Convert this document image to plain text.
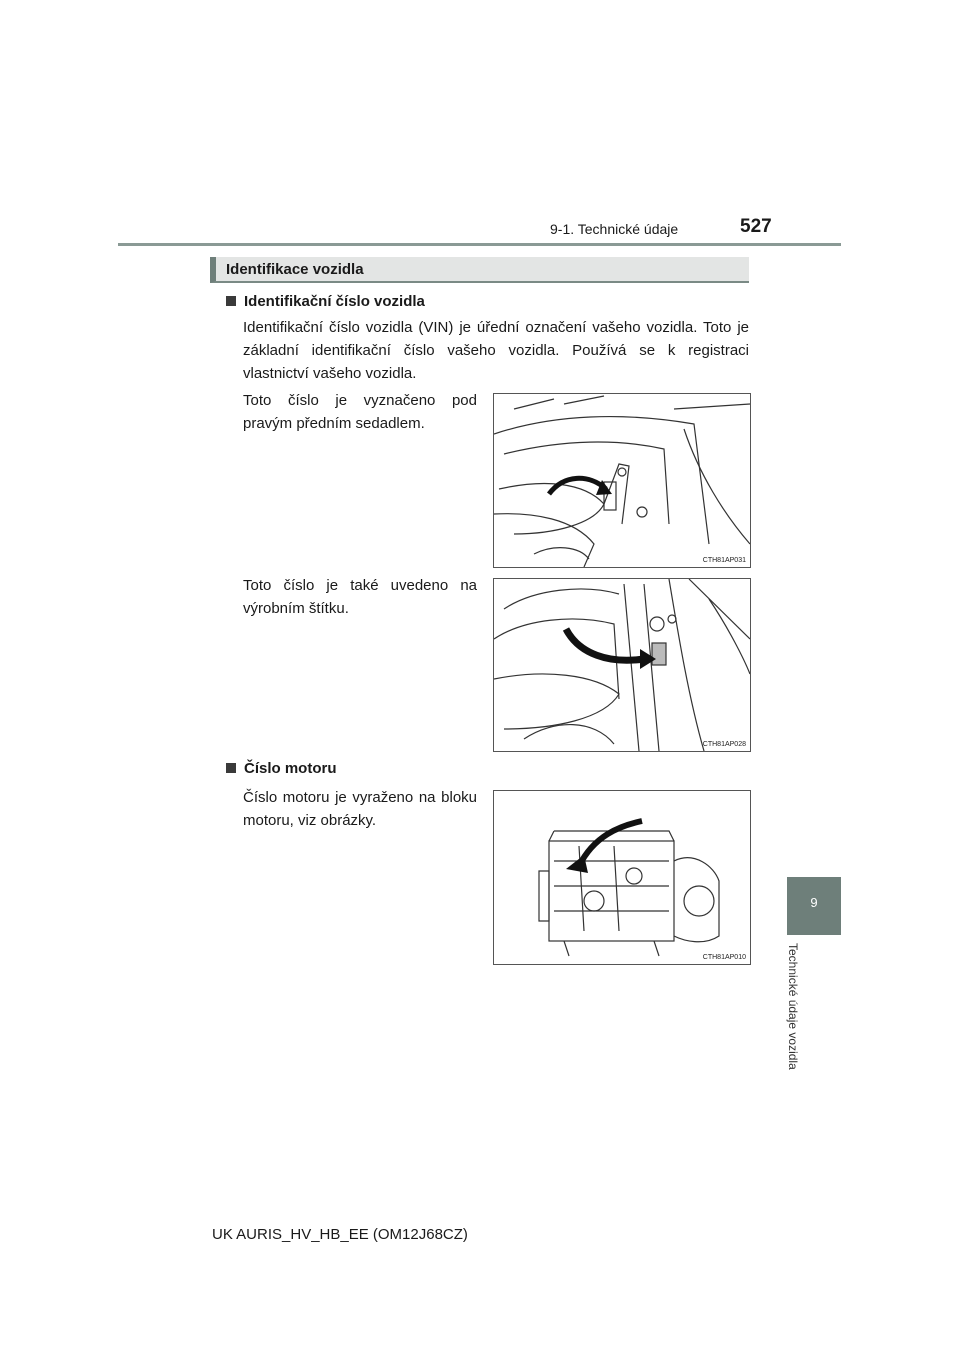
9-1. Technické údaje	527
9
Technické údaje vozidla
Identifikace vozidla
Identifikační číslo vozidla
Identifikační číslo vozidla (VIN) je úřední označení vašeho vozidla. Toto je základní identifikační číslo vašeho vozidla. Používá se k registraci vlastnictví vašeho vozidla.
Toto číslo je vyznačeno pod pravým předním sedadlem.
CTH81AP031
Toto číslo je také uvedeno na výrobním štítku.
CTH81AP028
Číslo motoru
Číslo motoru je vyraženo na bloku motoru, viz obrázky.
CTH81AP010
UK AURIS_HV_HB_EE (OM12J68CZ)
